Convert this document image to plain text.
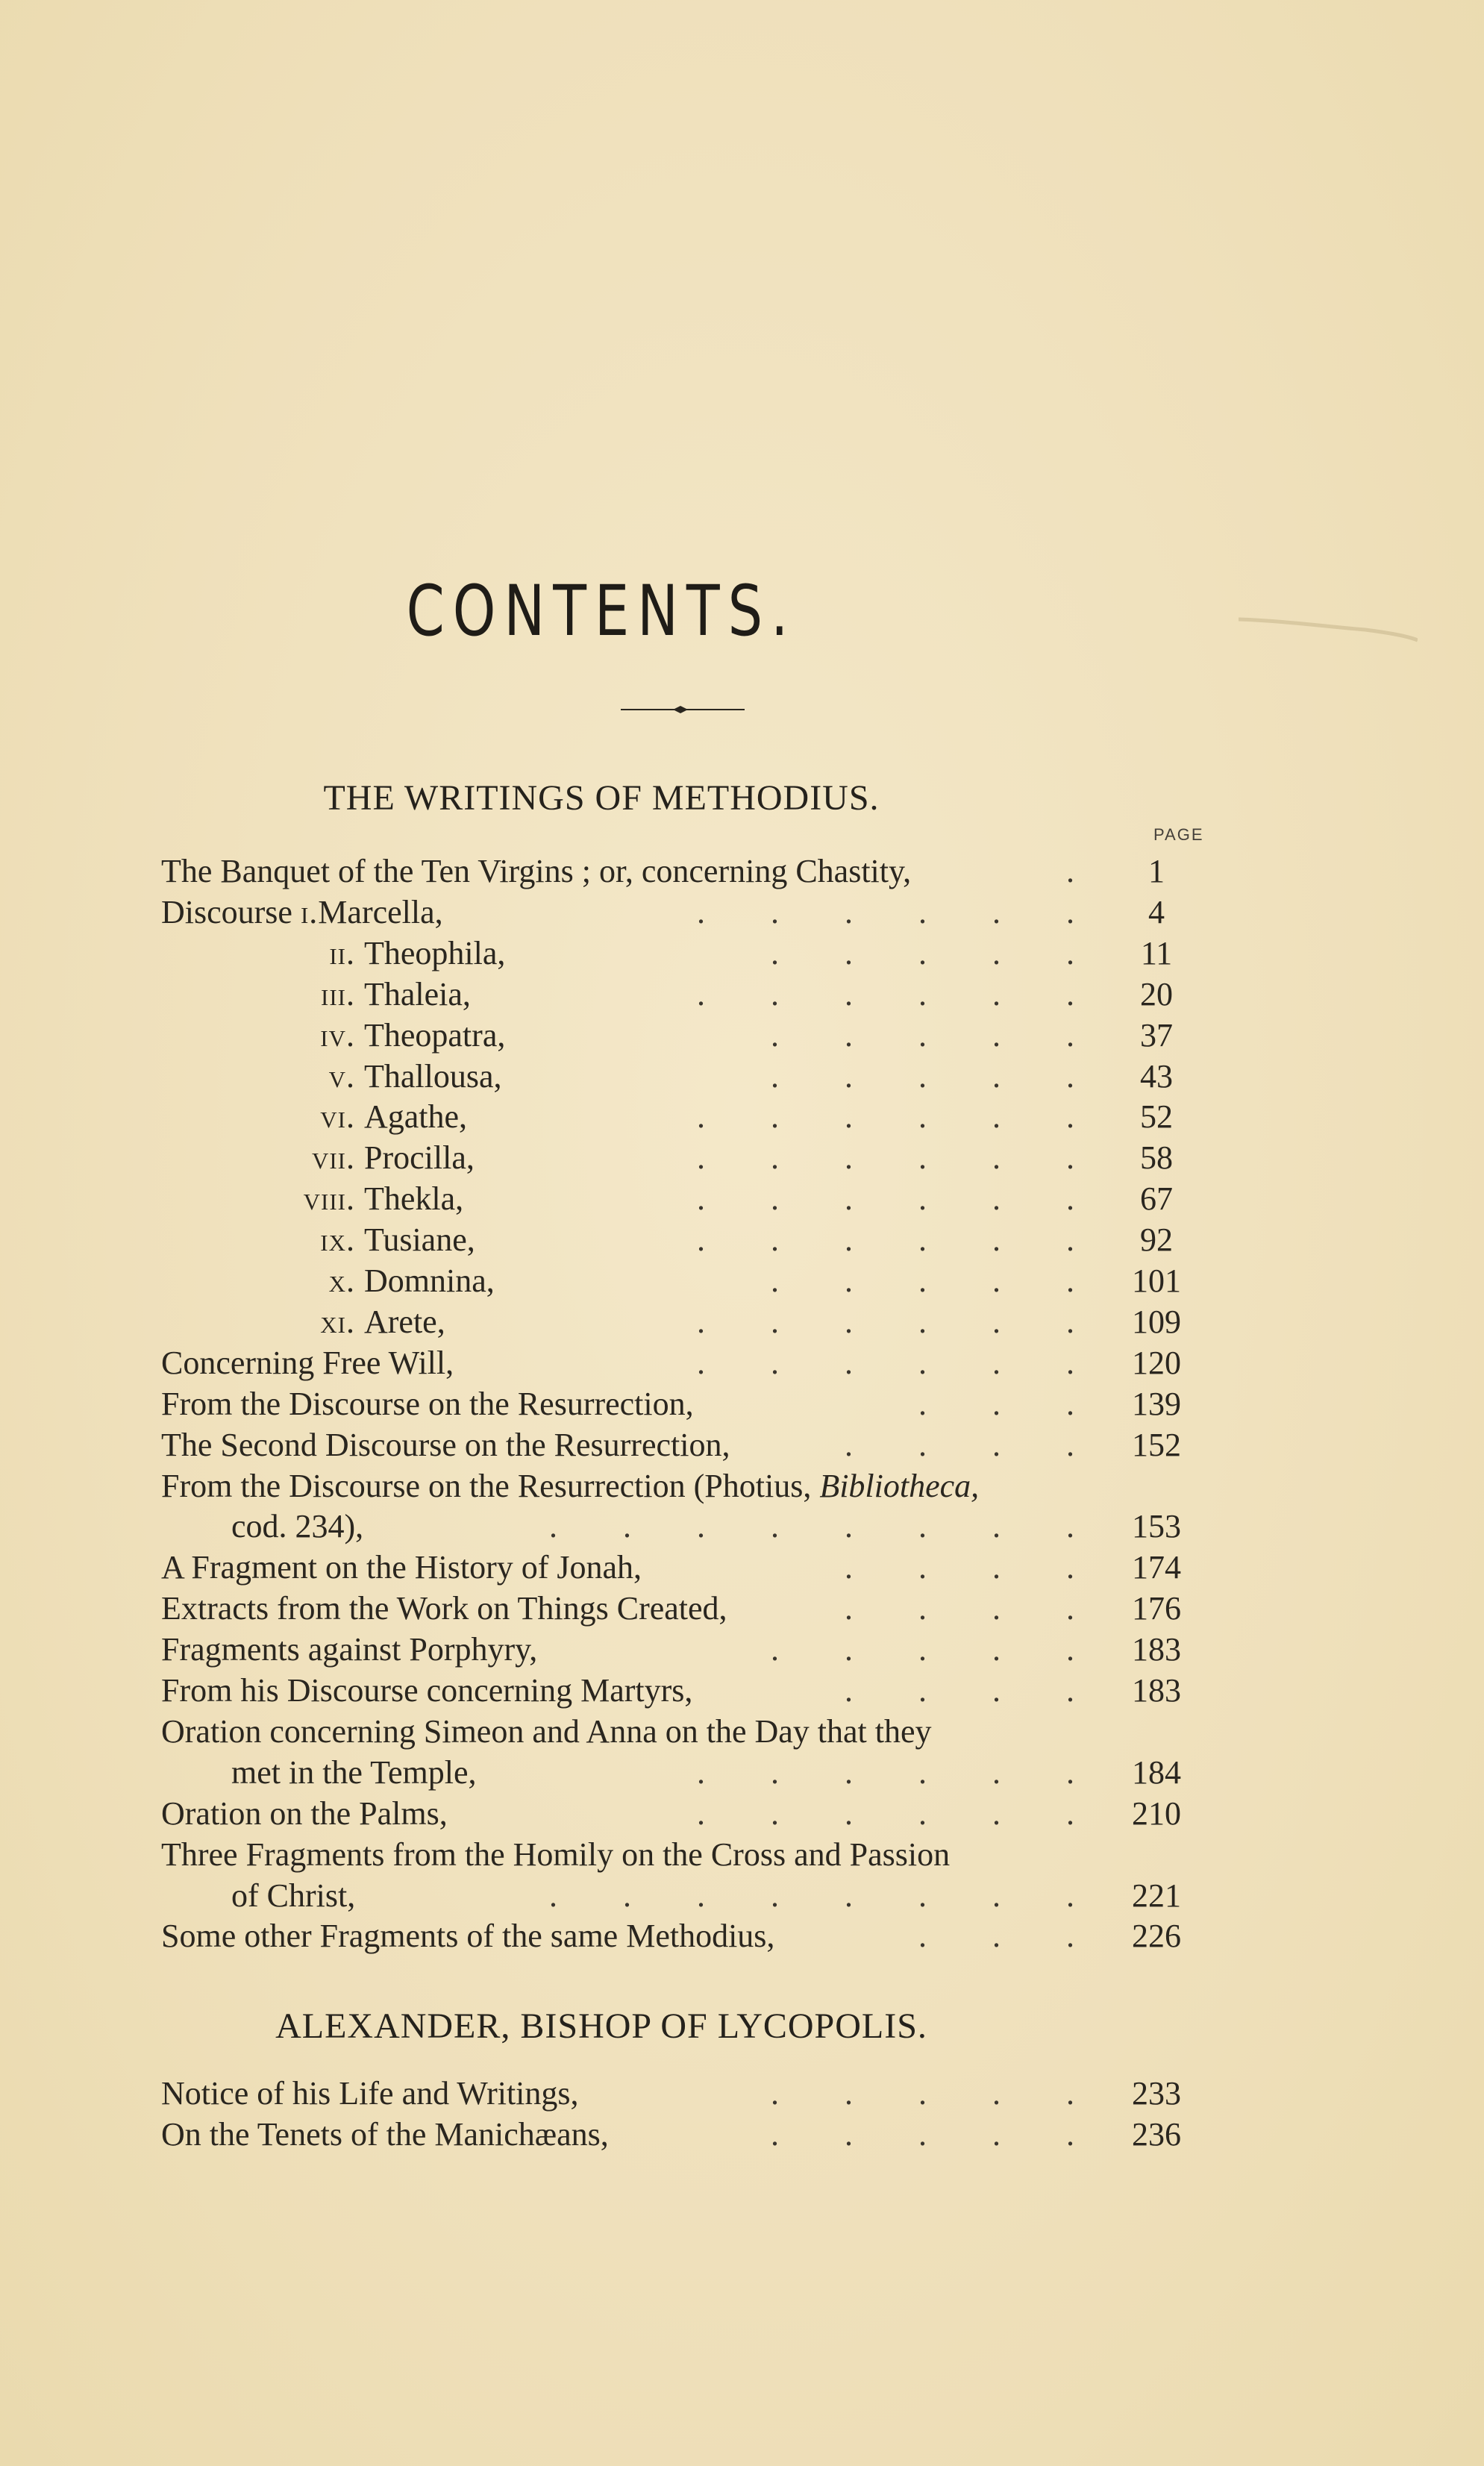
CONTENTS.
THE WRITINGS OF METHODIUS.
PAGE
ALEXANDER, BISHOP OF LYCOPOLIS.
The Banquet of the Ten Virgins ; or, concerning Chastity,	.	1
Discourse i.Marcella,	.  .  .  .  .  .	4
ii. Theophila,	.  .  .  .  .	11
iii. Thaleia,	.  .  .  .  .  .	20
iv. Theopatra,	.  .  .  .  .	37
v. Thallousa,	.  .  .  .  .	43
vi. Agathe,	.  .  .  .  .  .	52
vii. Procilla,	.  .  .  .  .  .	58
viii. Thekla,	.  .  .  .  .  .	67
ix. Tusiane,	.  .  .  .  .  .	92
x. Domnina,	.  .  .  .  .	101
xi. Arete,	.  .  .  .  .  .	109
Concerning Free Will,	.  .  .  .  .  .	120
From the Discourse on the Resurrection,	.  .  .	139
The Second Discourse on the Resurrection,	.  .  .  .	152
From the Discourse on the Resurrection (Photius, Bibliotheca,
cod. 234),	.  .  .  .  .  .  .  .	153
A Fragment on the History of Jonah,	.  .  .  .	174
Extracts from the Work on Things Created,	.  .  .  .	176
Fragments against Porphyry,	.  .  .  .  .	183
From his Discourse concerning Martyrs,	.  .  .  .	183
Oration concerning Simeon and Anna on the Day that they
met in the Temple,	.  .  .  .  .  .	184
Oration on the Palms,	.  .  .  .  .  .	210
Three Fragments from the Homily on the Cross and Passion
of Christ,	.  .  .  .  .  .  .  .	221
Some other Fragments of the same Methodius,	.  .  .	226
Notice of his Life and Writings,	.  .  .  .  .	233
On the Tenets of the Manichæans,	.  .  .  .  .	236
